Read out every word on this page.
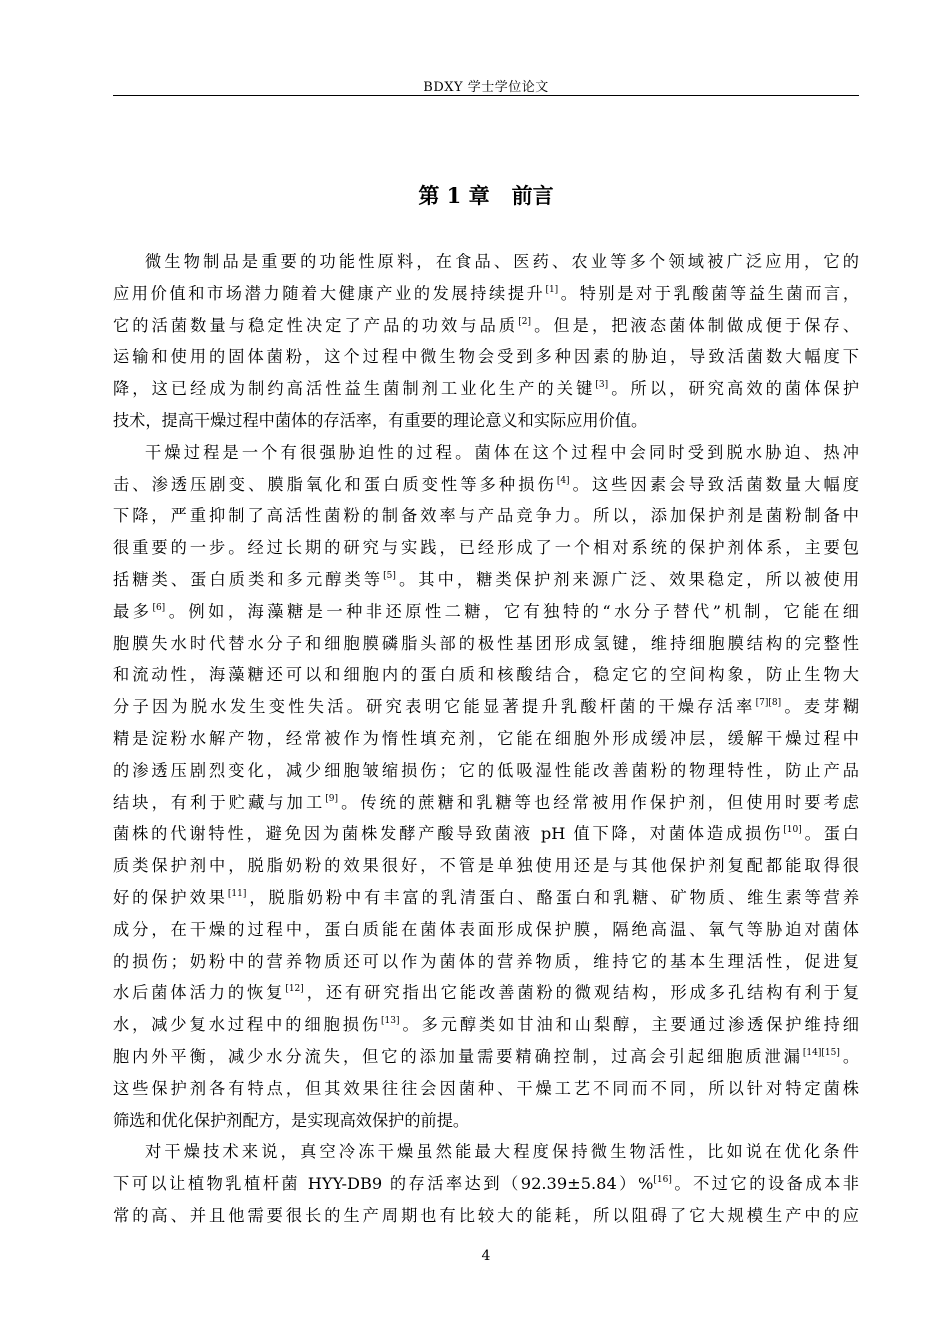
BDXY 学士学位论文
第 1 章 前言

微生物制品是重要的功能性原料，在食品、医药、农业等多个领域被广泛应用，它的
应用价值和市场潜力随着大健康产业的发展持续提升[1]。特别是对于乳酸菌等益生菌而言，
它的活菌数量与稳定性决定了产品的功效与品质[2]。但是，把液态菌体制做成便于保存、
运输和使用的固体菌粉，这个过程中微生物会受到多种因素的胁迫，导致活菌数大幅度下
降，这已经成为制约高活性益生菌制剂工业化生产的关键[3]。所以，研究高效的菌体保护
技术，提高干燥过程中菌体的存活率，有重要的理论意义和实际应用价值。

干燥过程是一个有很强胁迫性的过程。菌体在这个过程中会同时受到脱水胁迫、热冲
击、渗透压剧变、膜脂氧化和蛋白质变性等多种损伤[4]。这些因素会导致活菌数量大幅度
下降，严重抑制了高活性菌粉的制备效率与产品竞争力。所以，添加保护剂是菌粉制备中
很重要的一步。经过长期的研究与实践，已经形成了一个相对系统的保护剂体系，主要包
括糖类、蛋白质类和多元醇类等[5]。其中，糖类保护剂来源广泛、效果稳定，所以被使用
最多[6]。例如，海藻糖是一种非还原性二糖，它有独特的“水分子替代”机制，它能在细
胞膜失水时代替水分子和细胞膜磷脂头部的极性基团形成氢键，维持细胞膜结构的完整性
和流动性，海藻糖还可以和细胞内的蛋白质和核酸结合，稳定它的空间构象，防止生物大
分子因为脱水发生变性失活。研究表明它能显著提升乳酸杆菌的干燥存活率[7][8]。麦芽糊
精是淀粉水解产物，经常被作为惰性填充剂，它能在细胞外形成缓冲层，缓解干燥过程中
的渗透压剧烈变化，减少细胞皱缩损伤；它的低吸湿性能改善菌粉的物理特性，防止产品
结块，有利于贮藏与加工[9]。传统的蔗糖和乳糖等也经常被用作保护剂，但使用时要考虑
菌株的代谢特性，避免因为菌株发酵产酸导致菌液 pH 值下降，对菌体造成损伤[10]。蛋白
质类保护剂中，脱脂奶粉的效果很好，不管是单独使用还是与其他保护剂复配都能取得很
好的保护效果[11]，脱脂奶粉中有丰富的乳清蛋白、酪蛋白和乳糖、矿物质、维生素等营养
成分，在干燥的过程中，蛋白质能在菌体表面形成保护膜，隔绝高温、氧气等胁迫对菌体
的损伤；奶粉中的营养物质还可以作为菌体的营养物质，维持它的基本生理活性，促进复
水后菌体活力的恢复[12]，还有研究指出它能改善菌粉的微观结构，形成多孔结构有利于复
水，减少复水过程中的细胞损伤[13]。多元醇类如甘油和山梨醇，主要通过渗透保护维持细
胞内外平衡，减少水分流失，但它的添加量需要精确控制，过高会引起细胞质泄漏[14][15]。
这些保护剂各有特点，但其效果往往会因菌种、干燥工艺不同而不同，所以针对特定菌株
筛选和优化保护剂配方，是实现高效保护的前提。

对干燥技术来说，真空冷冻干燥虽然能最大程度保持微生物活性，比如说在优化条件
下可以让植物乳植杆菌 HYY-DB9 的存活率达到（92.39±5.84）%[16]。不过它的设备成本非
常的高、并且他需要很长的生产周期也有比较大的能耗，所以阻碍了它大规模生产中的应

4
